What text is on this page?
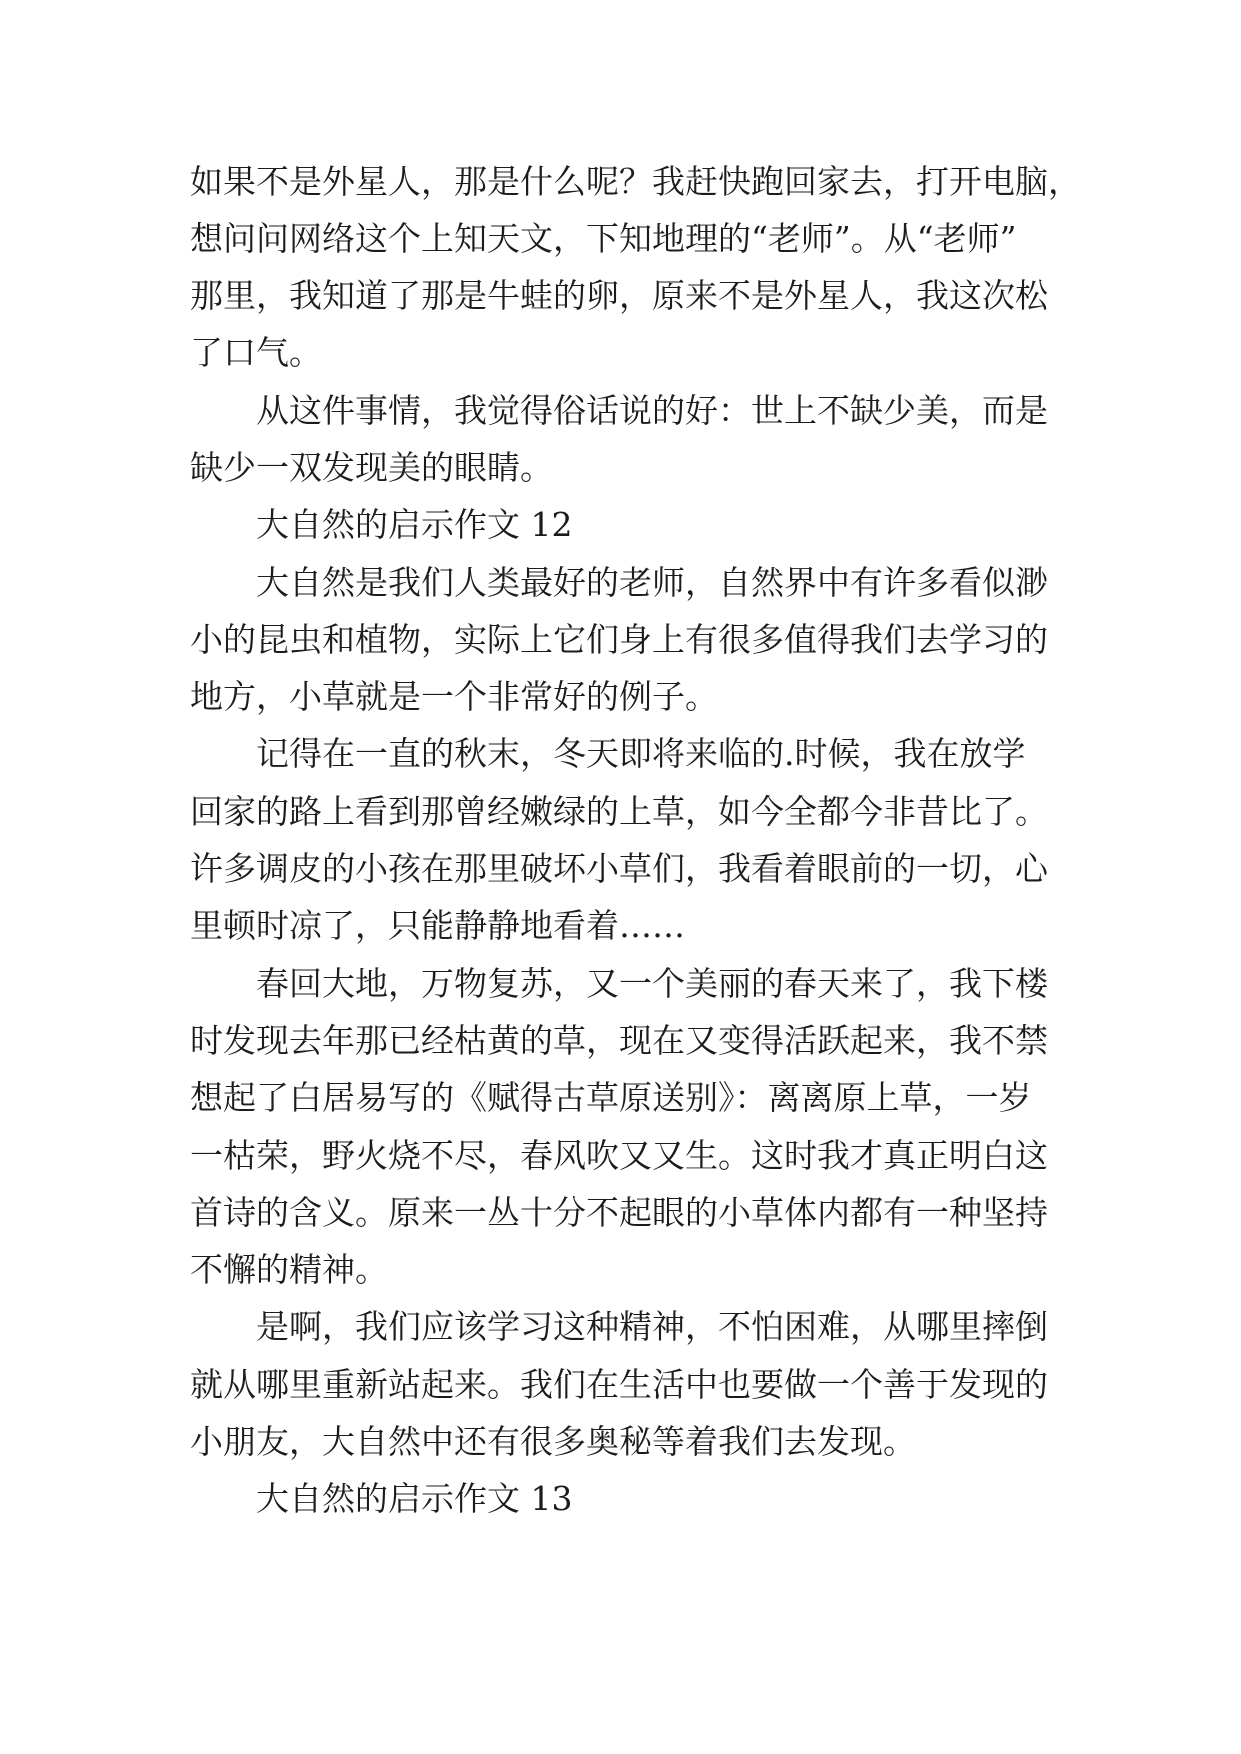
如果不是外星人，那是什么呢？我赶快跑回家去，打开电脑，
想问问网络这个上知天文，下知地理的“老师”。从“老师”
那里，我知道了那是牛蛙的卵，原来不是外星人，我这次松
了口气。
从这件事情，我觉得俗话说的好：世上不缺少美，而是
缺少一双发现美的眼睛。
大自然的启示作文 12
大自然是我们人类最好的老师，自然界中有许多看似渺
小的昆虫和植物，实际上它们身上有很多值得我们去学习的
地方，小草就是一个非常好的例子。
记得在一直的秋末，冬天即将来临的.时候，我在放学
回家的路上看到那曾经嫩绿的上草，如今全都今非昔比了。
许多调皮的小孩在那里破坏小草们，我看着眼前的一切，心
里顿时凉了，只能静静地看着……
春回大地，万物复苏，又一个美丽的春天来了，我下楼
时发现去年那已经枯黄的草，现在又变得活跃起来，我不禁
想起了白居易写的《赋得古草原送别》：离离原上草，一岁
一枯荣，野火烧不尽，春风吹又又生。这时我才真正明白这
首诗的含义。原来一丛十分不起眼的小草体内都有一种坚持
不懈的精神。
是啊，我们应该学习这种精神，不怕困难，从哪里摔倒
就从哪里重新站起来。我们在生活中也要做一个善于发现的
小朋友，大自然中还有很多奥秘等着我们去发现。
大自然的启示作文 13
